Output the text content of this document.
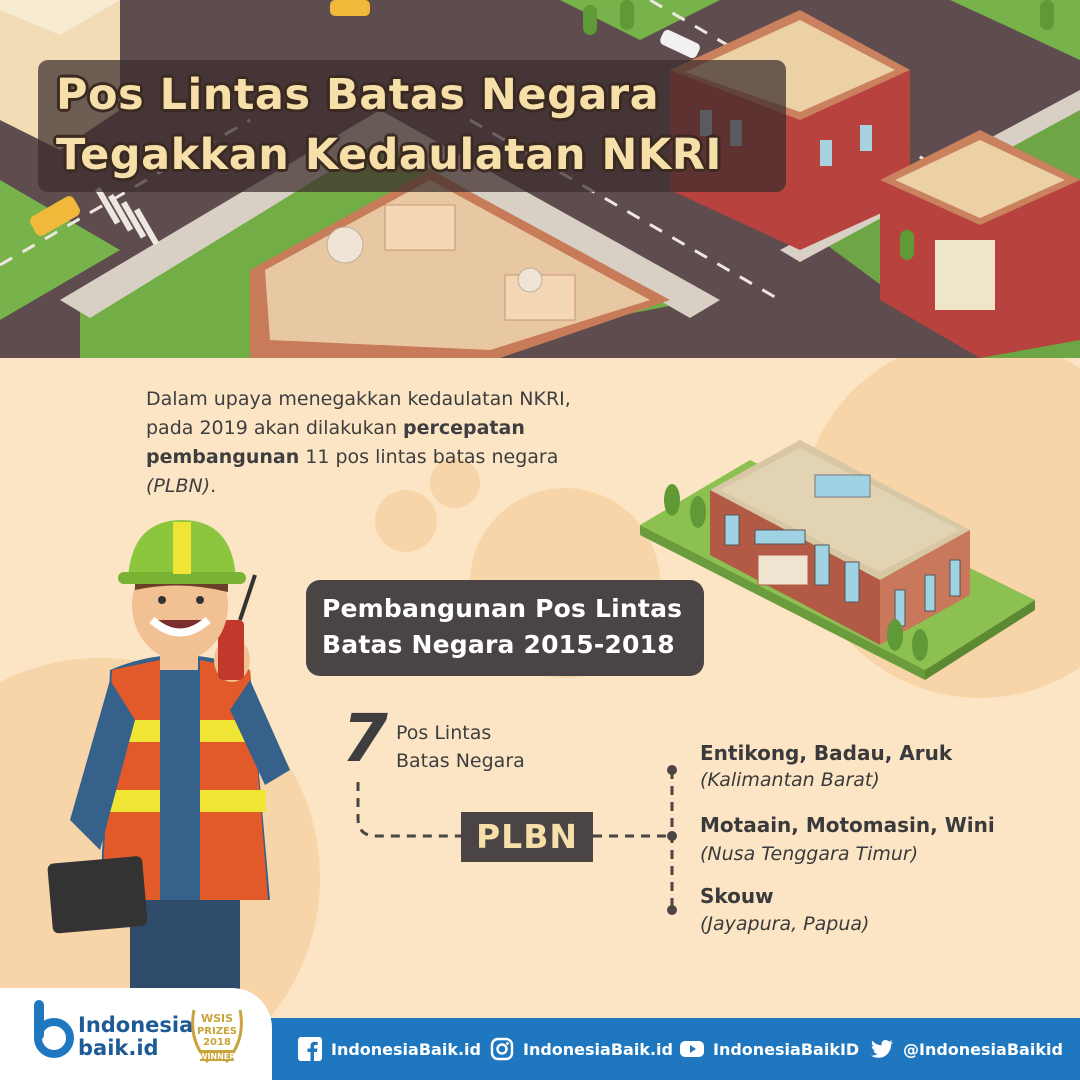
Pos Lintas Batas Negara
Tegakkan Kedaulatan NKRI
Dalam upaya menegakkan kedaulatan NKRI,
pada 2019 akan dilakukan percepatan
pembangunan 11 pos lintas batas negara (PLBN).
Pembangunan Pos Lintas
Batas Negara 2015-2018
7 Pos Lintas
Batas Negara
PLBN
Entikong, Badau, Aruk
(Kalimantan Barat)
Motaain, Motomasin, Wini
(Nusa Tenggara Timur)
Skouw
(Jayapura, Papua)
Indonesia
baik.id
WSIS
PRIZES
2018
WINNER	IndonesiaBaik.id	IndonesiaBaik.id	IndonesiaBaikID	@IndonesiaBaikid
